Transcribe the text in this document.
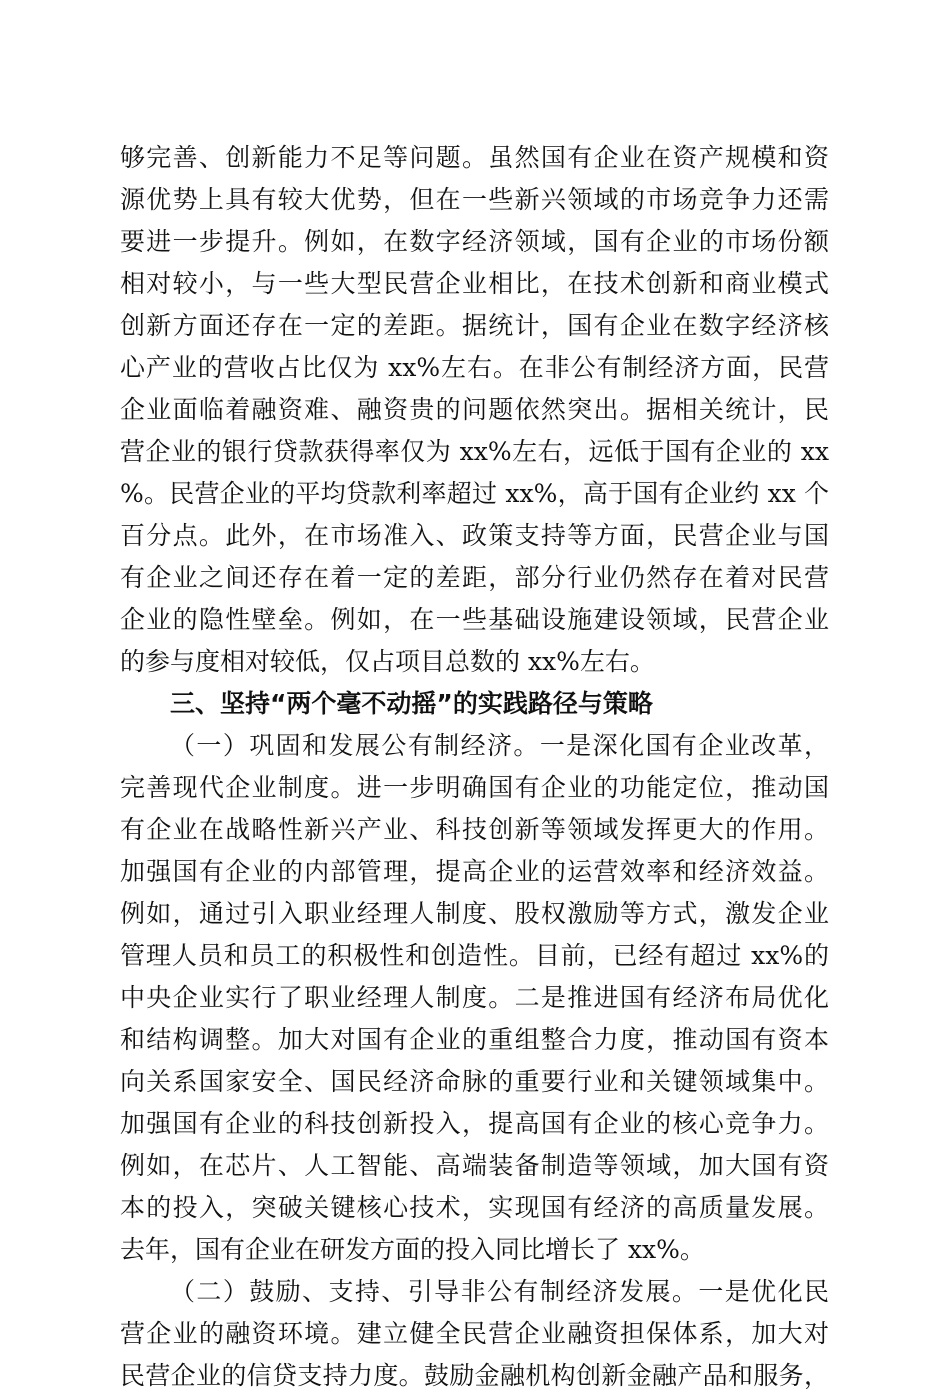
够完善、创新能力不足等问题。虽然国有企业在资产规模和资
源优势上具有较大优势，但在一些新兴领域的市场竞争力还需
要进一步提升。例如，在数字经济领域，国有企业的市场份额
相对较小，与一些大型民营企业相比，在技术创新和商业模式
创新方面还存在一定的差距。据统计，国有企业在数字经济核
心产业的营收占比仅为 xx%左右。在非公有制经济方面，民营
企业面临着融资难、融资贵的问题依然突出。据相关统计，民
营企业的银行贷款获得率仅为 xx%左右，远低于国有企业的 xx
%。民营企业的平均贷款利率超过 xx%，高于国有企业约 xx 个
百分点。此外，在市场准入、政策支持等方面，民营企业与国
有企业之间还存在着一定的差距，部分行业仍然存在着对民营
企业的隐性壁垒。例如，在一些基础设施建设领域，民营企业
的参与度相对较低，仅占项目总数的 xx%左右。
三、坚持“两个毫不动摇”的实践路径与策略
（一）巩固和发展公有制经济。一是深化国有企业改革，
完善现代企业制度。进一步明确国有企业的功能定位，推动国
有企业在战略性新兴产业、科技创新等领域发挥更大的作用。
加强国有企业的内部管理，提高企业的运营效率和经济效益。
例如，通过引入职业经理人制度、股权激励等方式，激发企业
管理人员和员工的积极性和创造性。目前，已经有超过 xx%的
中央企业实行了职业经理人制度。二是推进国有经济布局优化
和结构调整。加大对国有企业的重组整合力度，推动国有资本
向关系国家安全、国民经济命脉的重要行业和关键领域集中。
加强国有企业的科技创新投入，提高国有企业的核心竞争力。
例如，在芯片、人工智能、高端装备制造等领域，加大国有资
本的投入，突破关键核心技术，实现国有经济的高质量发展。
去年，国有企业在研发方面的投入同比增长了 xx%。
（二）鼓励、支持、引导非公有制经济发展。一是优化民
营企业的融资环境。建立健全民营企业融资担保体系，加大对
民营企业的信贷支持力度。鼓励金融机构创新金融产品和服务，
